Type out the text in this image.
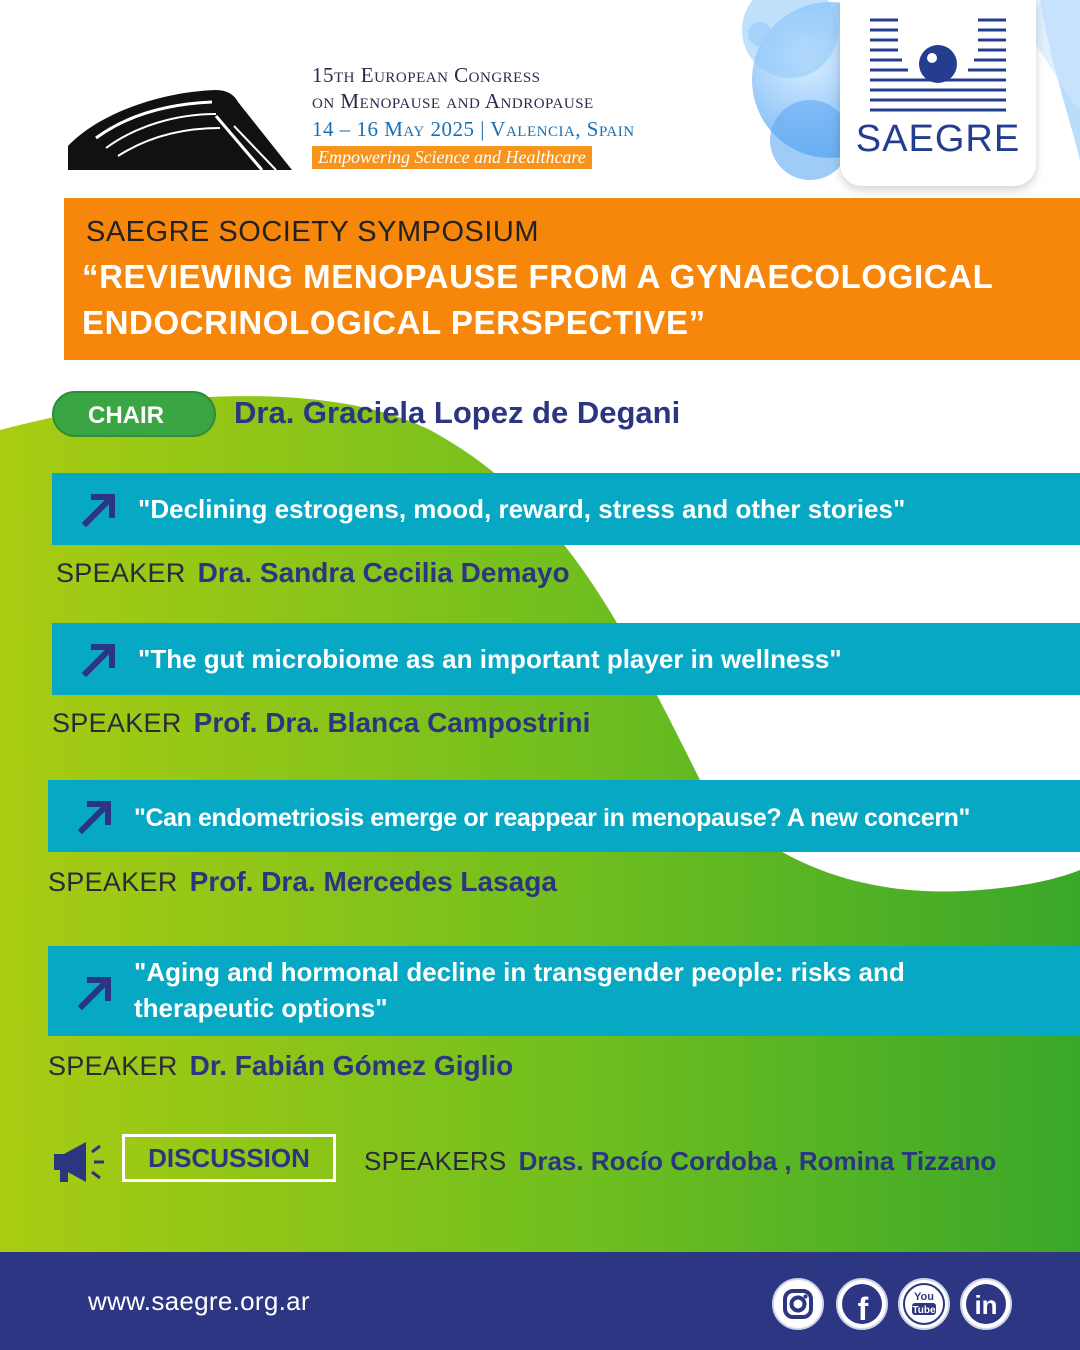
15th European Congress
on Menopause and Andropause
14 – 16 May 2025 | Valencia, Spain
Empowering Science and Healthcare	SAEGRE
SAEGRE SOCIETY SYMPOSIUM
“REVIEWING MENOPAUSE FROM A GYNAECOLOGICAL ENDOCRINOLOGICAL PERSPECTIVE”
CHAIR	Dra. Graciela Lopez de Degani
"Declining estrogens, mood, reward, stress and other stories"
SPEAKER Dra. Sandra Cecilia Demayo
"The gut microbiome as an important player in wellness"
SPEAKER Prof. Dra. Blanca Campostrini
"Can endometriosis emerge or reappear in menopause? A new concern"
SPEAKER Prof. Dra. Mercedes Lasaga
"Aging and hormonal decline in transgender people: risks and
therapeutic options"
SPEAKER Dr. Fabián Gómez Giglio
DISCUSSION	SPEAKERS Dras. Rocío Cordoba , Romina Tizzano
www.saegre.org.ar	f	You
Tube in
